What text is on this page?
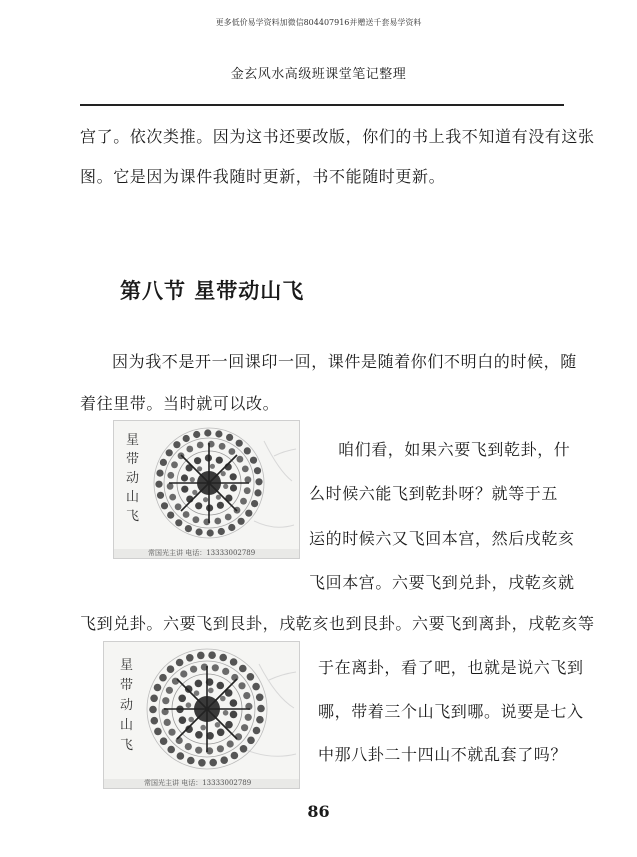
更多低价易学资料加微信804407916并赠送千套易学资料
金玄风水高级班课堂笔记整理
宫了。依次类推。因为这书还要改版，你们的书上我不知道有没有这张
图。它是因为课件我随时更新，书不能随时更新。
第八节 星带动山飞
因为我不是开一回课印一回，课件是随着你们不明白的时候，随
着往里带。当时就可以改。
星
带
动
山
飞
常国光主讲 电话：13333002789
咱们看，如果六要飞到乾卦，什
么时候六能飞到乾卦呀？就等于五
运的时候六又飞回本宫，然后戌乾亥
飞回本宫。六要飞到兑卦，戌乾亥就
飞到兑卦。六要飞到艮卦，戌乾亥也到艮卦。六要飞到离卦，戌乾亥等
星
带
动
山
飞
常国光主讲 电话：13333002789
于在离卦，看了吧，也就是说六飞到
哪，带着三个山飞到哪。说要是七入
中那八卦二十四山不就乱套了吗？
86
